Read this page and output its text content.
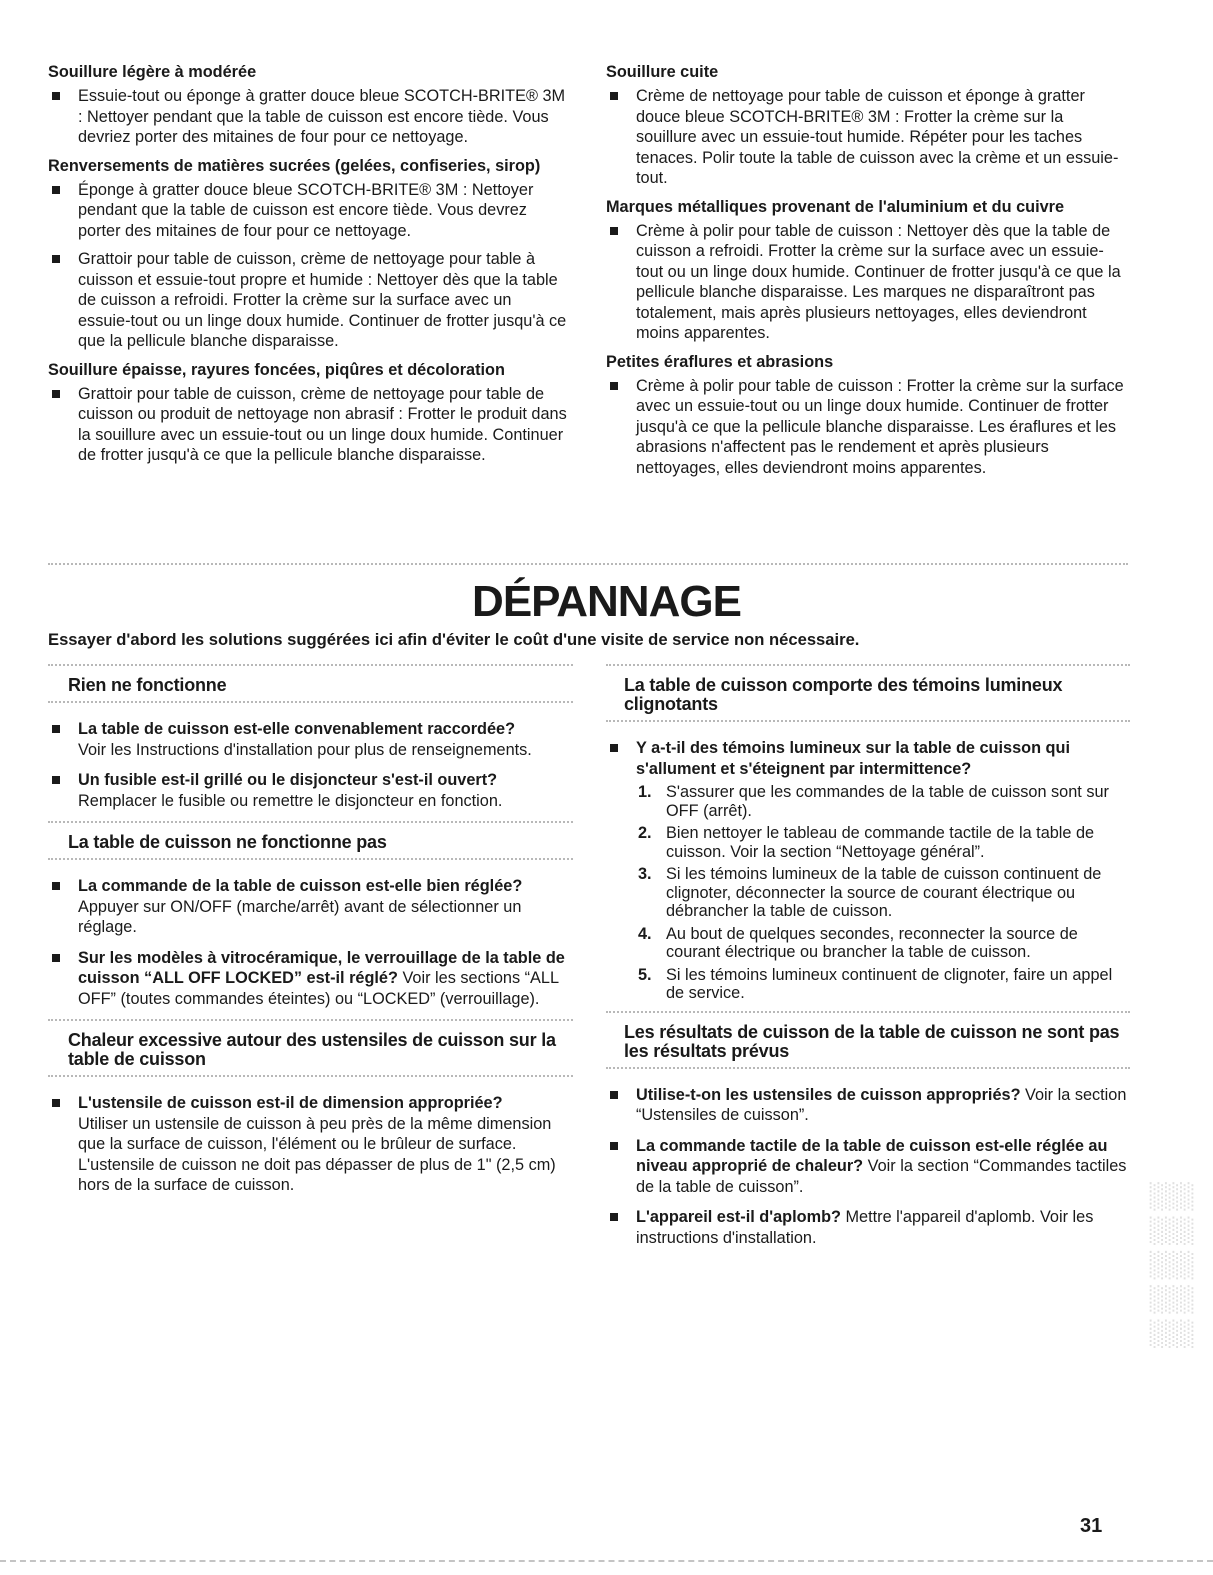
Souillure légère à modérée

Essuie-tout ou éponge à gratter douce bleue SCOTCH-BRITE® 3M : Nettoyer pendant que la table de cuisson est encore tiède. Vous devriez porter des mitaines de four pour ce nettoyage.

Renversements de matières sucrées (gelées, confiseries, sirop)

Éponge à gratter douce bleue SCOTCH-BRITE® 3M : Nettoyer pendant que la table de cuisson est encore tiède. Vous devrez porter des mitaines de four pour ce nettoyage.
Grattoir pour table de cuisson, crème de nettoyage pour table à cuisson et essuie-tout propre et humide : Nettoyer dès que la table de cuisson a refroidi. Frotter la crème sur la surface avec un essuie-tout ou un linge doux humide. Continuer de frotter jusqu'à ce que la pellicule blanche disparaisse.

Souillure épaisse, rayures foncées, piqûres et décoloration

Grattoir pour table de cuisson, crème de nettoyage pour table de cuisson ou produit de nettoyage non abrasif : Frotter le produit dans la souillure avec un essuie-tout ou un linge doux humide. Continuer de frotter jusqu'à ce que la pellicule blanche disparaisse.

Souillure cuite

Crème de nettoyage pour table de cuisson et éponge à gratter douce bleue SCOTCH-BRITE® 3M : Frotter la crème sur la souillure avec un essuie-tout humide. Répéter pour les taches tenaces. Polir toute la table de cuisson avec la crème et un essuie-tout.

Marques métalliques provenant de l'aluminium et du cuivre

Crème à polir pour table de cuisson : Nettoyer dès que la table de cuisson a refroidi. Frotter la crème sur la surface avec un essuie-tout ou un linge doux humide. Continuer de frotter jusqu'à ce que la pellicule blanche disparaisse. Les marques ne disparaîtront pas totalement, mais après plusieurs nettoyages, elles deviendront moins apparentes.

Petites éraflures et abrasions

Crème à polir pour table de cuisson : Frotter la crème sur la surface avec un essuie-tout ou un linge doux humide. Continuer de frotter jusqu'à ce que la pellicule blanche disparaisse. Les éraflures et les abrasions n'affectent pas le rendement et après plusieurs nettoyages, elles deviendront moins apparentes.
DÉPANNAGE

Essayer d'abord les solutions suggérées ici afin d'éviter le coût d'une visite de service non nécessaire.

Rien ne fonctionne

La table de cuisson est-elle convenablement raccordée?
Voir les Instructions d'installation pour plus de renseignements.
Un fusible est-il grillé ou le disjoncteur s'est-il ouvert?
Remplacer le fusible ou remettre le disjoncteur en fonction.

La table de cuisson ne fonctionne pas

La commande de la table de cuisson est-elle bien réglée?
Appuyer sur ON/OFF (marche/arrêt) avant de sélectionner un réglage.
Sur les modèles à vitrocéramique, le verrouillage de la table de cuisson “ALL OFF LOCKED” est-il réglé? Voir les sections “ALL OFF” (toutes commandes éteintes) ou “LOCKED” (verrouillage).

Chaleur excessive autour des ustensiles de cuisson sur la table de cuisson

L'ustensile de cuisson est-il de dimension appropriée?
Utiliser un ustensile de cuisson à peu près de la même dimension que la surface de cuisson, l'élément ou le brûleur de surface. L'ustensile de cuisson ne doit pas dépasser de plus de 1" (2,5 cm) hors de la surface de cuisson.

La table de cuisson comporte des témoins lumineux clignotants

Y a-t-il des témoins lumineux sur la table de cuisson qui s'allument et s'éteignent par intermittence?
1. S'assurer que les commandes de la table de cuisson sont sur OFF (arrêt).
2. Bien nettoyer le tableau de commande tactile de la table de cuisson. Voir la section “Nettoyage général”.
3. Si les témoins lumineux de la table de cuisson continuent de clignoter, déconnecter la source de courant électrique ou débrancher la table de cuisson.
4. Au bout de quelques secondes, reconnecter la source de courant électrique ou brancher la table de cuisson.
5. Si les témoins lumineux continuent de clignoter, faire un appel de service.

Les résultats de cuisson de la table de cuisson ne sont pas les résultats prévus

Utilise-t-on les ustensiles de cuisson appropriés? Voir la section “Ustensiles de cuisson”.
La commande tactile de la table de cuisson est-elle réglée au niveau approprié de chaleur? Voir la section “Commandes tactiles de la table de cuisson”.
L'appareil est-il d'aplomb? Mettre l'appareil d'aplomb. Voir les instructions d'installation.	▒▒▒▒▒
31
